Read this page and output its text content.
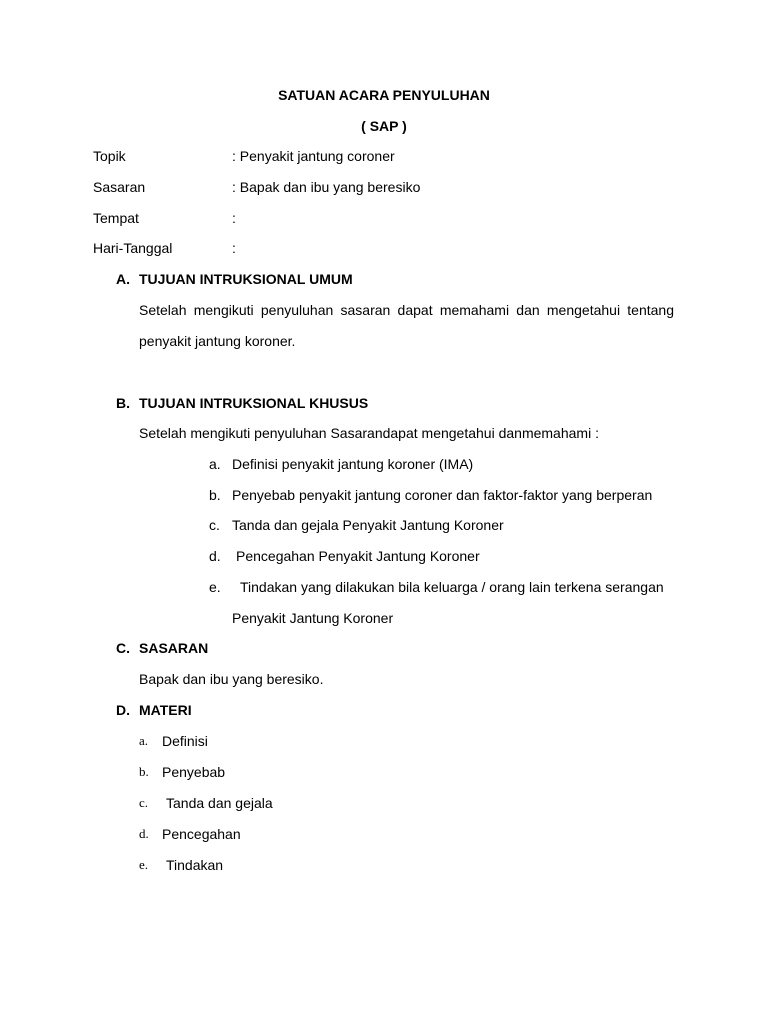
SATUAN ACARA PENYULUHAN
( SAP )
Topik	: Penyakit jantung coroner
Sasaran	: Bapak dan ibu yang beresiko
Tempat	:
Hari-Tanggal	:
A. TUJUAN INTRUKSIONAL UMUM
Setelah mengikuti penyuluhan sasaran dapat memahami dan mengetahui tentang
penyakit jantung koroner.
B. TUJUAN INTRUKSIONAL KHUSUS
Setelah mengikuti penyuluhan Sasarandapat mengetahui danmemahami :
a. Definisi penyakit jantung koroner (IMA)
b. Penyebab penyakit jantung coroner dan faktor-faktor yang berperan
c. Tanda dan gejala Penyakit Jantung Koroner
d. Pencegahan Penyakit Jantung Koroner
e. Tindakan yang dilakukan bila keluarga / orang lain terkena serangan
Penyakit Jantung Koroner
C. SASARAN
Bapak dan ibu yang beresiko.
D. MATERI
a. Definisi
b. Penyebab
c. Tanda dan gejala
d. Pencegahan
e. Tindakan
